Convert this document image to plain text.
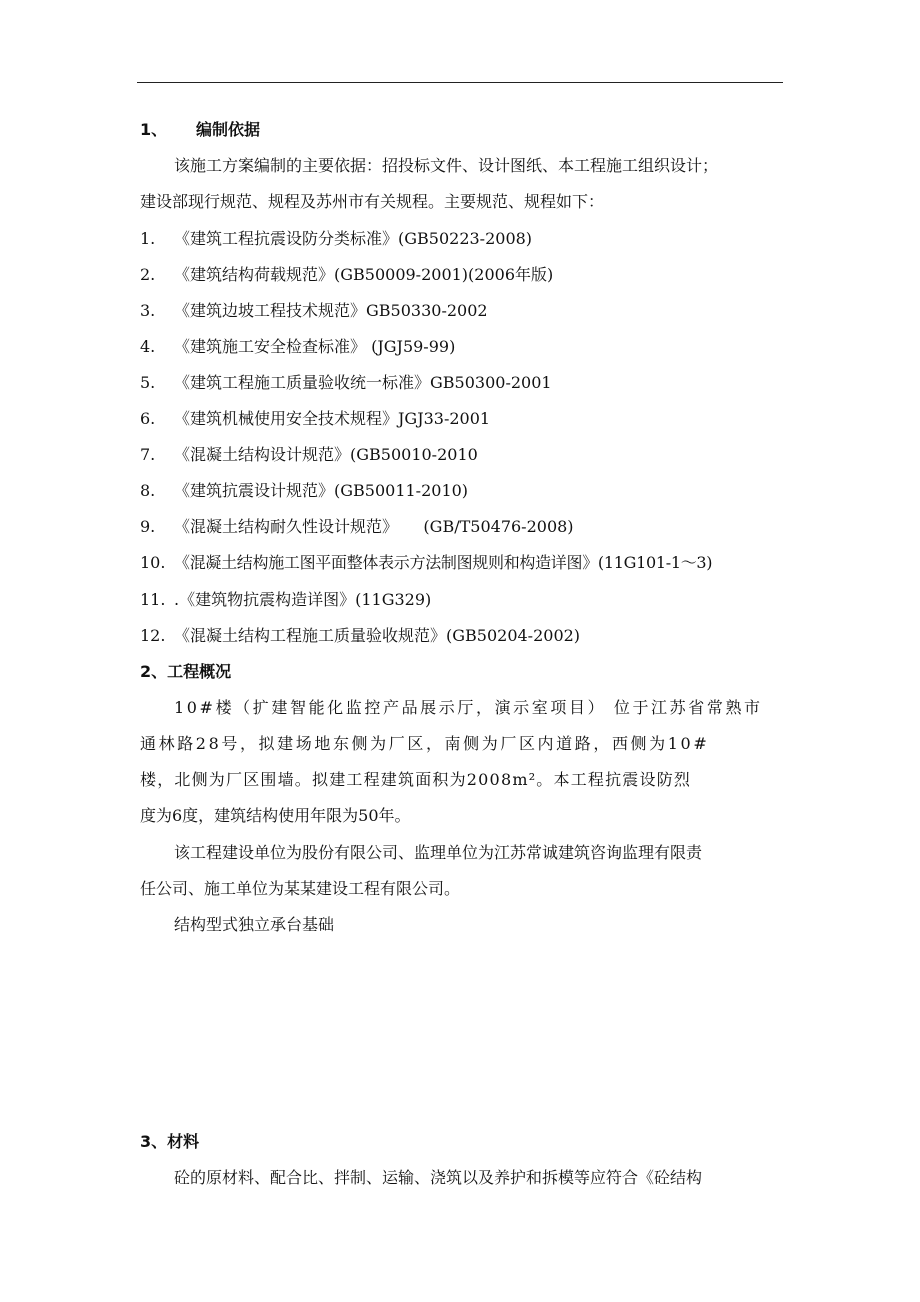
1、 编制依据
该施工方案编制的主要依据：招投标文件、设计图纸、本工程施工组织设计；
建设部现行规范、规程及苏州市有关规程。主要规范、规程如下：
1. 《建筑工程抗震设防分类标准》(GB50223-2008)
2. 《建筑结构荷载规范》(GB50009-2001)(2006年版)
3. 《建筑边坡工程技术规范》GB50330-2002
4. 《建筑施工安全检查标准》 (JGJ59-99)
5. 《建筑工程施工质量验收统一标准》GB50300-2001
6. 《建筑机械使用安全技术规程》JGJ33-2001
7. 《混凝土结构设计规范》(GB50010-2010
8. 《建筑抗震设计规范》(GB50011-2010)
9. 《混凝土结构耐久性设计规范》     (GB/T50476-2008)
10. 《混凝土结构施工图平面整体表示方法制图规则和构造详图》(11G101-1～3)
11. .《建筑物抗震构造详图》(11G329)
12. 《混凝土结构工程施工质量验收规范》(GB50204-2002)
2、工程概况
10#楼（扩建智能化监控产品展示厅，演示室项目） 位于江苏省常熟市
通林路28号，拟建场地东侧为厂区，南侧为厂区内道路，西侧为10#
楼，北侧为厂区围墙。拟建工程建筑面积为2008m²。本工程抗震设防烈
度为6度，建筑结构使用年限为50年。
该工程建设单位为股份有限公司、监理单位为江苏常诚建筑咨询监理有限责
任公司、施工单位为某某建设工程有限公司。
结构型式独立承台基础
3、材料
砼的原材料、配合比、拌制、运输、浇筑以及养护和拆模等应符合《砼结构
